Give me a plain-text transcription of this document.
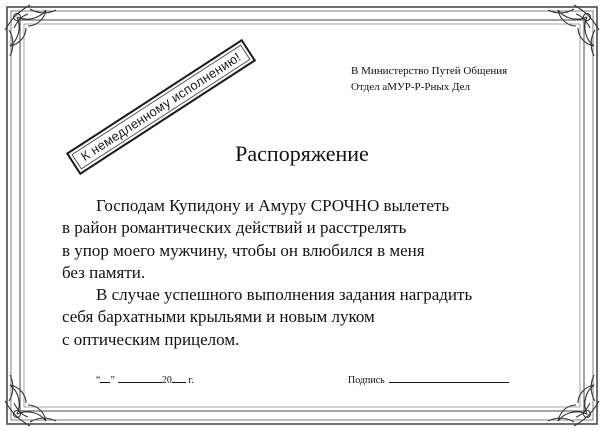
К немедленному исполнению!	В Министерство Путей Общения
Отдел аМУР-Р-Рных Дел
Распоряжение
Господам Купидону и Амуру СРОЧНО вылететь
в район романтических действий и расстрелять
в упор моего мужчину, чтобы он влюбился в меня
без памяти.
В случае успешного выполнения задания наградить
себя бархатными крыльями и новым луком
с оптическим прицелом.
“ ”	20 г.	Подпись
